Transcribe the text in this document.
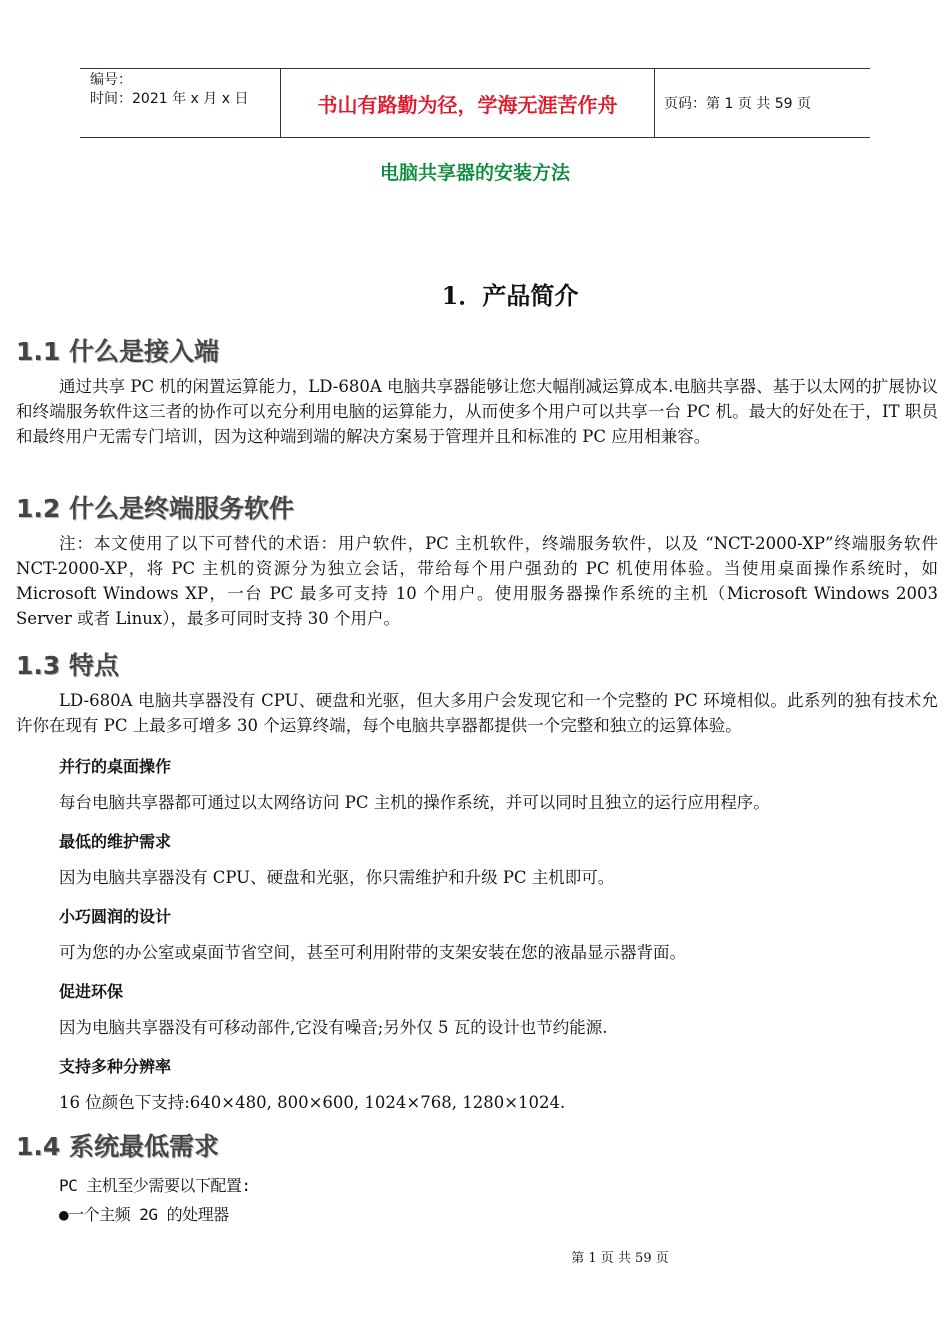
编号：
时间：2021 年 x 月 x 日	书山有路勤为径，学海无涯苦作舟	页码：第 1 页 共 59 页
电脑共享器的安装方法
1．产品简介
1.1 什么是接入端

通过共享 PC 机的闲置运算能力，LD-680A 电脑共享器能够让您大幅削减运算成本.电脑共享器、基于以太网的扩展协议和终端服务软件这三者的协作可以充分利用电脑的运算能力，从而使多个用户可以共享一台 PC 机。最大的好处在于，IT 职员和最终用户无需专门培训，因为这种端到端的解决方案易于管理并且和标准的 PC 应用相兼容。

1.2 什么是终端服务软件

注：本文使用了以下可替代的术语：用户软件，PC 主机软件，终端服务软件，以及 “NCT-2000-XP”终端服务软件 NCT-2000-XP，将 PC 主机的资源分为独立会话，带给每个用户强劲的 PC 机使用体验。当使用桌面操作系统时，如 Microsoft Windows XP，一台 PC 最多可支持 10 个用户。使用服务器操作系统的主机（Microsoft Windows 2003 Server 或者 Linux），最多可同时支持 30 个用户。

1.3 特点

LD-680A 电脑共享器没有 CPU、硬盘和光驱，但大多用户会发现它和一个完整的 PC 环境相似。此系列的独有技术允许你在现有 PC 上最多可增多 30 个运算终端，每个电脑共享器都提供一个完整和独立的运算体验。

并行的桌面操作
每台电脑共享器都可通过以太网络访问 PC 主机的操作系统，并可以同时且独立的运行应用程序。
最低的维护需求
因为电脑共享器没有 CPU、硬盘和光驱，你只需维护和升级 PC 主机即可。
小巧圆润的设计
可为您的办公室或桌面节省空间，甚至可利用附带的支架安装在您的液晶显示器背面。
促进环保
因为电脑共享器没有可移动部件,它没有噪音;另外仅 5 瓦的设计也节约能源.
支持多种分辨率
16 位颜色下支持:640×480, 800×600, 1024×768, 1280×1024.
1.4 系统最低需求
PC 主机至少需要以下配置:
●一个主频 2G 的处理器
第 1 页 共 59 页
